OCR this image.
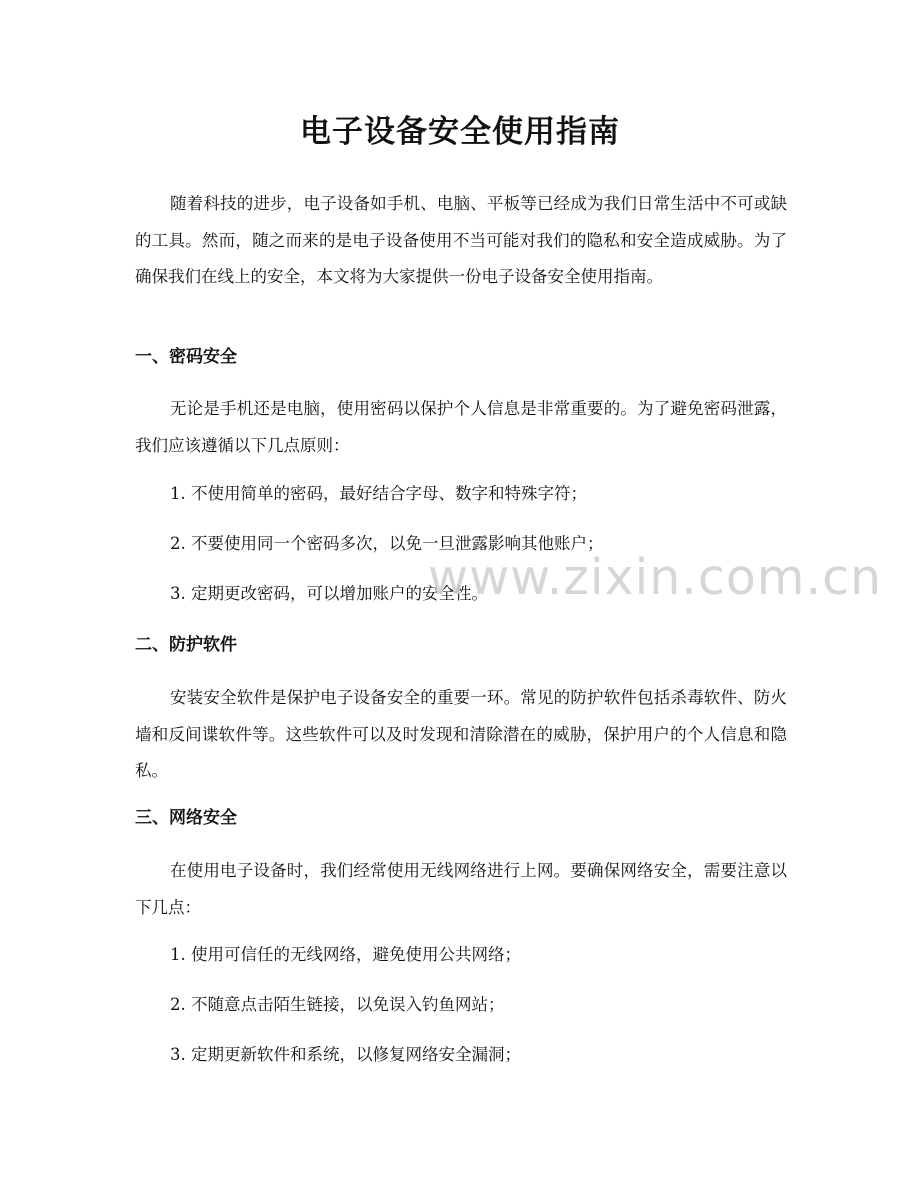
电子设备安全使用指南

随着科技的进步，电子设备如手机、电脑、平板等已经成为我们日常生活中不可或缺的工具。然而，随之而来的是电子设备使用不当可能对我们的隐私和安全造成威胁。为了确保我们在线上的安全，本文将为大家提供一份电子设备安全使用指南。

一、密码安全

无论是手机还是电脑，使用密码以保护个人信息是非常重要的。为了避免密码泄露，我们应该遵循以下几点原则：

1. 不使用简单的密码，最好结合字母、数字和特殊字符；

2. 不要使用同一个密码多次，以免一旦泄露影响其他账户；

3. 定期更改密码，可以增加账户的安全性。

二、防护软件

安装安全软件是保护电子设备安全的重要一环。常见的防护软件包括杀毒软件、防火墙和反间谍软件等。这些软件可以及时发现和清除潜在的威胁，保护用户的个人信息和隐私。

三、网络安全

在使用电子设备时，我们经常使用无线网络进行上网。要确保网络安全，需要注意以下几点：

1. 使用可信任的无线网络，避免使用公共网络；

2. 不随意点击陌生链接，以免误入钓鱼网站；

3. 定期更新软件和系统，以修复网络安全漏洞；

www.zixin.com.cn
